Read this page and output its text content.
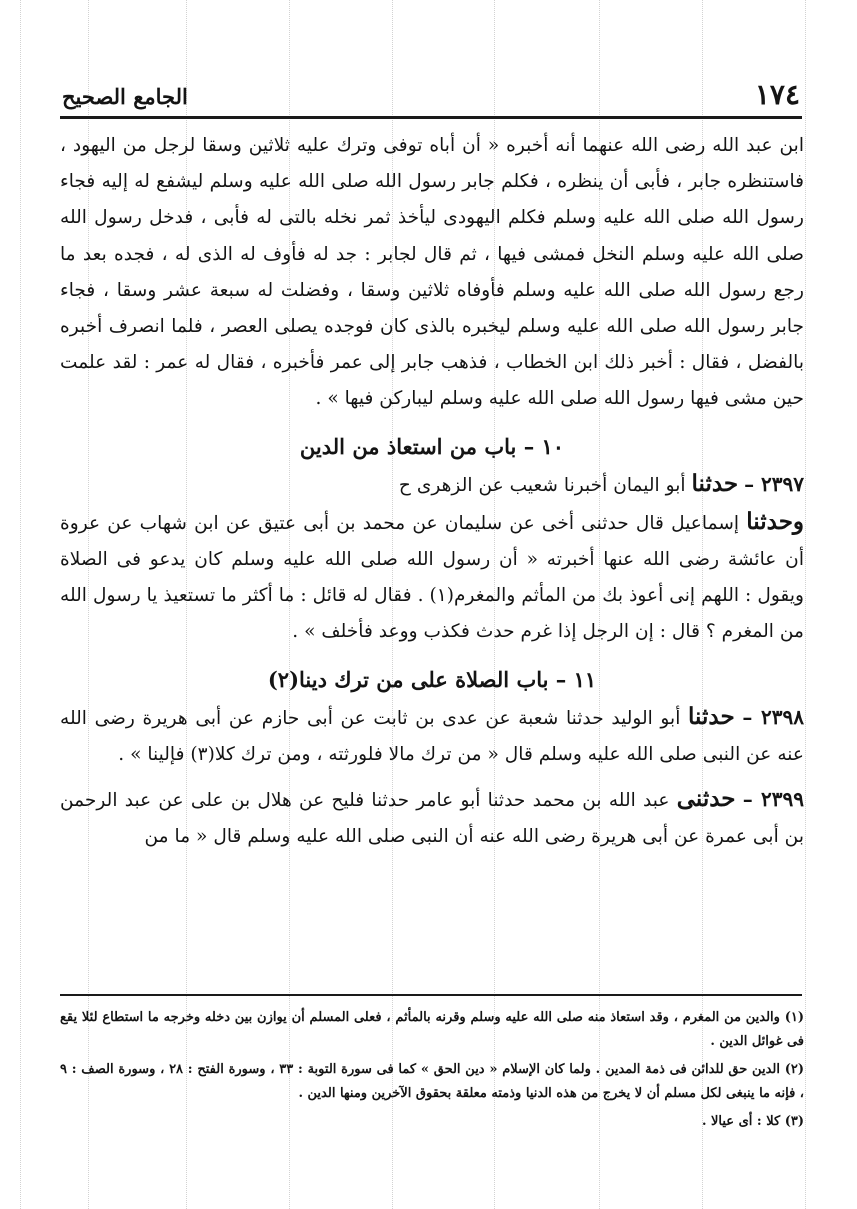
الجامع الصحيح	١٧٤

ابن عبد الله رضى الله عنهما أنه أخبره « أن أباه توفى وترك عليه ثلاثين وسقا لرجل من اليهود ، فاستنظره جابر ، فأبى أن ينظره ، فكلم جابر رسول الله صلى الله عليه وسلم ليشفع له إليه فجاء رسول الله صلى الله عليه وسلم فكلم اليهودى ليأخذ ثمر نخله بالتى له فأبى ، فدخل رسول الله صلى الله عليه وسلم النخل فمشى فيها ، ثم قال لجابر : جد له فأوف له الذى له ، فجده بعد ما رجع رسول الله صلى الله عليه وسلم فأوفاه ثلاثين وسقا ، وفضلت له سبعة عشر وسقا ، فجاء جابر رسول الله صلى الله عليه وسلم ليخبره بالذى كان فوجده يصلى العصر ، فلما انصرف أخبره بالفضل ، فقال : أخبر ذلك ابن الخطاب ، فذهب جابر إلى عمر فأخبره ، فقال له عمر : لقد علمت حين مشى فيها رسول الله صلى الله عليه وسلم ليباركن فيها » .

١٠ – باب من استعاذ من الدين

٢٣٩٧ – حدثنا أبو اليمان أخبرنا شعيب عن الزهرى ح

وحدثنا إسماعيل قال حدثنى أخى عن سليمان عن محمد بن أبى عتيق عن ابن شهاب عن عروة أن عائشة رضى الله عنها أخبرته « أن رسول الله صلى الله عليه وسلم كان يدعو فى الصلاة ويقول : اللهم إنى أعوذ بك من المأثم والمغرم(١) . فقال له قائل : ما أكثر ما تستعيذ يا رسول الله من المغرم ؟ قال : إن الرجل إذا غرم حدث فكذب ووعد فأخلف » .

١١ – باب الصلاة على من ترك دينا(٢)

٢٣٩٨ – حدثنا أبو الوليد حدثنا شعبة عن عدى بن ثابت عن أبى حازم عن أبى هريرة رضى الله عنه عن النبى صلى الله عليه وسلم قال « من ترك مالا فلورثته ، ومن ترك كلا(٣) فإلينا » .

٢٣٩٩ – حدثنى عبد الله بن محمد حدثنا أبو عامر حدثنا فليح عن هلال بن على عن عبد الرحمن بن أبى عمرة عن أبى هريرة رضى الله عنه أن النبى صلى الله عليه وسلم قال « ما من

(١) والدين من المغرم ، وقد استعاذ منه صلى الله عليه وسلم وقرنه بالمأثم ، فعلى المسلم أن يوازن بين دخله وخرجه ما استطاع لئلا يقع فى غوائل الدين .

(٢) الدين حق للدائن فى ذمة المدين . ولما كان الإسلام « دين الحق » كما فى سورة التوبة : ٣٣ ، وسورة الفتح : ٢٨ ، وسورة الصف : ٩ ، فإنه ما ينبغى لكل مسلم أن لا يخرج من هذه الدنيا وذمته معلقة بحقوق الآخرين ومنها الدين .

(٣) كلا : أى عيالا .
